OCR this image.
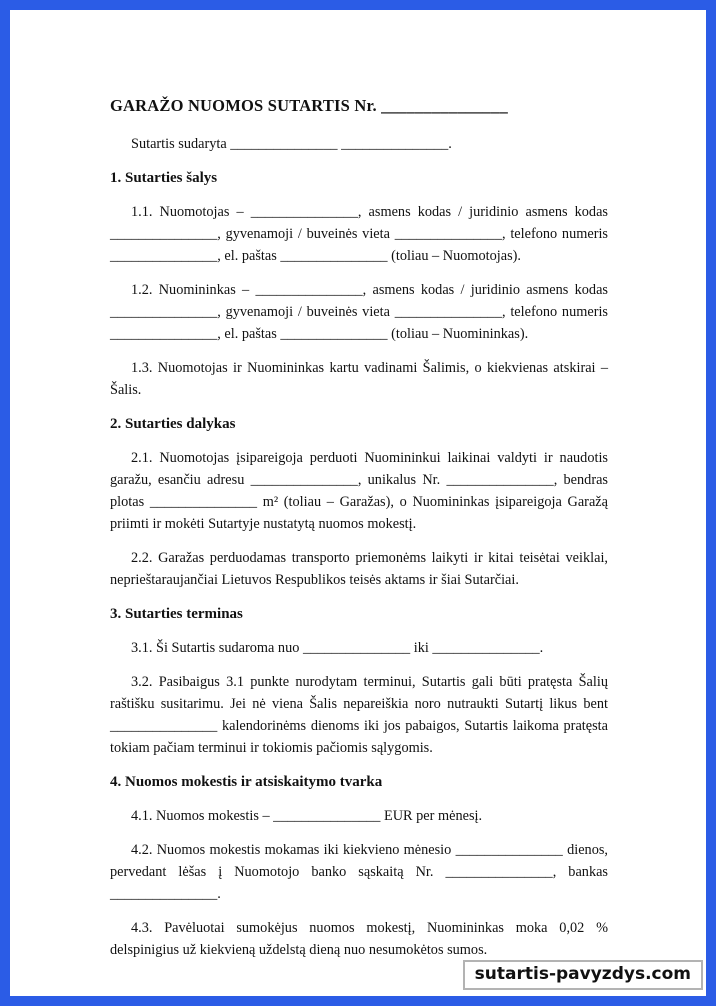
GARAŽO NUOMOS SUTARTIS Nr. _______________

Sutartis sudaryta _______________ _______________.

1. Sutarties šalys

1.1. Nuomotojas – _______________, asmens kodas / juridinio asmens kodas _______________, gyvenamoji / buveinės vieta _______________, telefono numeris _______________, el. paštas _______________ (toliau – Nuomotojas).

1.2. Nuomininkas – _______________, asmens kodas / juridinio asmens kodas _______________, gyvenamoji / buveinės vieta _______________, telefono numeris _______________, el. paštas _______________ (toliau – Nuomininkas).

1.3. Nuomotojas ir Nuomininkas kartu vadinami Šalimis, o kiekvienas atskirai – Šalis.

2. Sutarties dalykas

2.1. Nuomotojas įsipareigoja perduoti Nuomininkui laikinai valdyti ir naudotis garažu, esančiu adresu _______________, unikalus Nr. _______________, bendras plotas _______________ m² (toliau – Garažas), o Nuomininkas įsipareigoja Garažą priimti ir mokėti Sutartyje nustatytą nuomos mokestį.

2.2. Garažas perduodamas transporto priemonėms laikyti ir kitai teisėtai veiklai, neprieštaraujančiai Lietuvos Respublikos teisės aktams ir šiai Sutarčiai.

3. Sutarties terminas

3.1. Ši Sutartis sudaroma nuo _______________ iki _______________.

3.2. Pasibaigus 3.1 punkte nurodytam terminui, Sutartis gali būti pratęsta Šalių raštišku susitarimu. Jei nė viena Šalis nepareiškia noro nutraukti Sutartį likus bent _______________ kalendorinėms dienoms iki jos pabaigos, Sutartis laikoma pratęsta tokiam pačiam terminui ir tokiomis pačiomis sąlygomis.

4. Nuomos mokestis ir atsiskaitymo tvarka

4.1. Nuomos mokestis – _______________ EUR per mėnesį.

4.2. Nuomos mokestis mokamas iki kiekvieno mėnesio _______________ dienos, pervedant lėšas į Nuomotojo banko sąskaitą Nr. _______________, bankas _______________.

4.3. Pavėluotai sumokėjus nuomos mokestį, Nuomininkas moka 0,02 % delspinigius už kiekvieną uždelstą dieną nuo nesumokėtos sumos.

sutartis-pavyzdys.com
